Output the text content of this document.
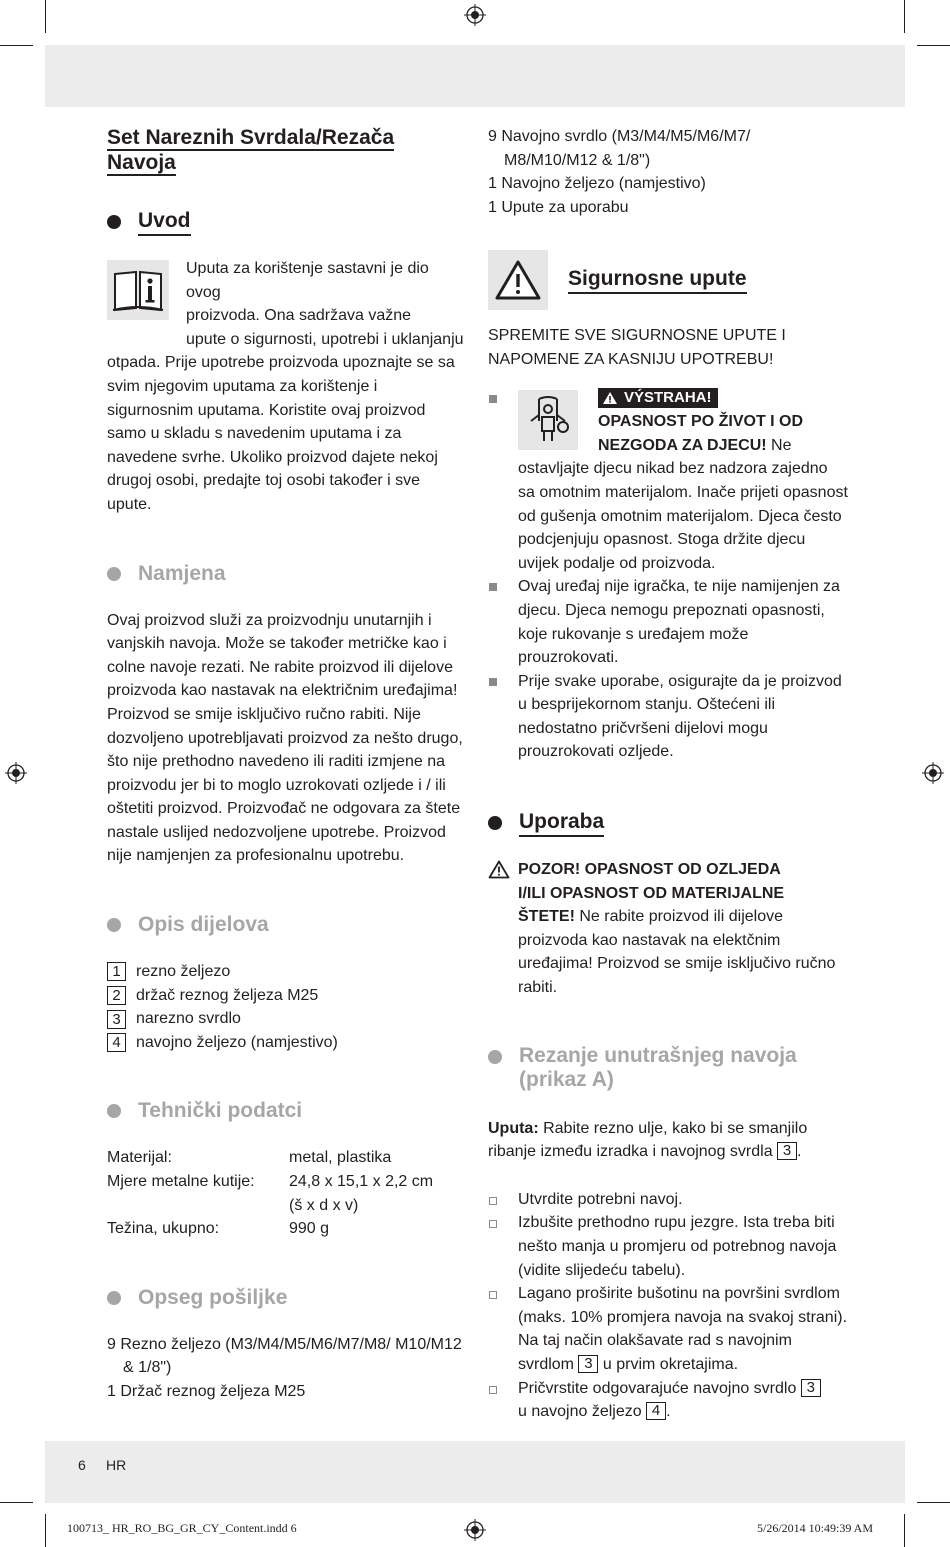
6 HR
100713_ HR_RO_BG_GR_CY_Content.indd 6	5/26/2014 10:49:39 AM
Set Nareznih Svrdala/Rezača
Navoja
Uvod

Uputa za korištenje sastavni je dio ovog

proizvoda. Ona sadržava važne

upute o sigurnosti, upotrebi i uklanjanju

otpada. Prije upotrebe proizvoda upoznajte se sa svim njegovim uputama za korištenje i sigurnosnim uputama. Koristite ovaj proizvod samo u skladu s navedenim uputama i za navedene svrhe. Ukoliko proizvod dajete nekoj drugoj osobi, predajte toj osobi također i sve upute.

Namjena

Ovaj proizvod služi za proizvodnju unutarnjih i vanjskih navoja. Može se također metričke kao i colne navoje rezati. Ne rabite proizvod ili dijelove proizvoda kao nastavak na električnim uređajima! Proizvod se smije isključivo ručno rabiti. Nije dozvoljeno upotrebljavati proizvod za nešto drugo, što nije prethodno navedeno ili raditi izmjene na proizvodu jer bi to moglo uzrokovati ozljede i / ili oštetiti proizvod. Proizvođač ne odgovara za štete nastale uslijed nedozvoljene upotrebe. Proizvod nije namjenjen za profesionalnu upotrebu.

Opis dijelova
1 rezno željezo
2 držač reznog željeza M25
3 narezno svrdlo
4 navojno željezo (namjestivo)
Tehnički podatci
Materijal:	metal, plastika
Mjere metalne kutije:	24,8 x 15,1 x 2,2 cm
(š x d x v)
Težina, ukupno:	990 g
Opseg pošiljke

9 Rezno željezo (M3/M4/M5/M6/M7/M8/ M10/M12 & 1/8")

1 Držač reznog željeza M25

9 Navojno svrdlo (M3/M4/M5/M6/M7/ M8/M10/M12 & 1/8")

1 Navojno željezo (namjestivo)

1 Upute za uporabu

Sigurnosne upute

SPREMITE SVE SIGURNOSNE UPUTE I NAPOMENE ZA KASNIJU UPOTREBU!

VÝSTRAHA!

OPASNOST PO ŽIVOT I OD

NEZGODA ZA DJECU! Ne

ostavljajte djecu nikad bez nadzora zajedno sa omotnim materijalom. Inače prijeti opasnost od gušenja omotnim materijalom. Djeca često podcjenjuju opasnost. Stoga držite djecu uvijek podalje od proizvoda.

Ovaj uređaj nije igračka, te nije namijenjen za djecu. Djeca nemogu prepoznati opasnosti, koje rukovanje s uređajem može prouzrokovati.

Prije svake uporabe, osigurajte da je proizvod u besprijekornom stanju. Oštećeni ili nedostatno pričvršeni dijelovi mogu prouzrokovati ozljede.

Uporaba

POZOR! OPASNOST OD OZLJEDA

I/ILI OPASNOST OD MATERIJALNE

ŠTETE! Ne rabite proizvod ili dijelove

proizvoda kao nastavak na elektčnim uređajima! Proizvod se smije isključivo ručno rabiti.

Rezanje unutrašnjeg navoja
(prikaz A)

Uputa: Rabite rezno ulje, kako bi se smanjilo ribanje između izradka i navojnog svrdla 3 .

Utvrdite potrebni navoj.

Izbušite prethodno rupu jezgre. Ista treba biti nešto manja u promjeru od potrebnog navoja (vidite slijedeću tabelu).

Lagano proširite bušotinu na površini svrdlom (maks. 10% promjera navoja na svakoj strani). Na taj način olakšavate rad s navojnim svrdlom 3 u prvim okretajima.

Pričvrstite odgovarajuće navojno svrdlo 3
u navojno željezo 4 .
